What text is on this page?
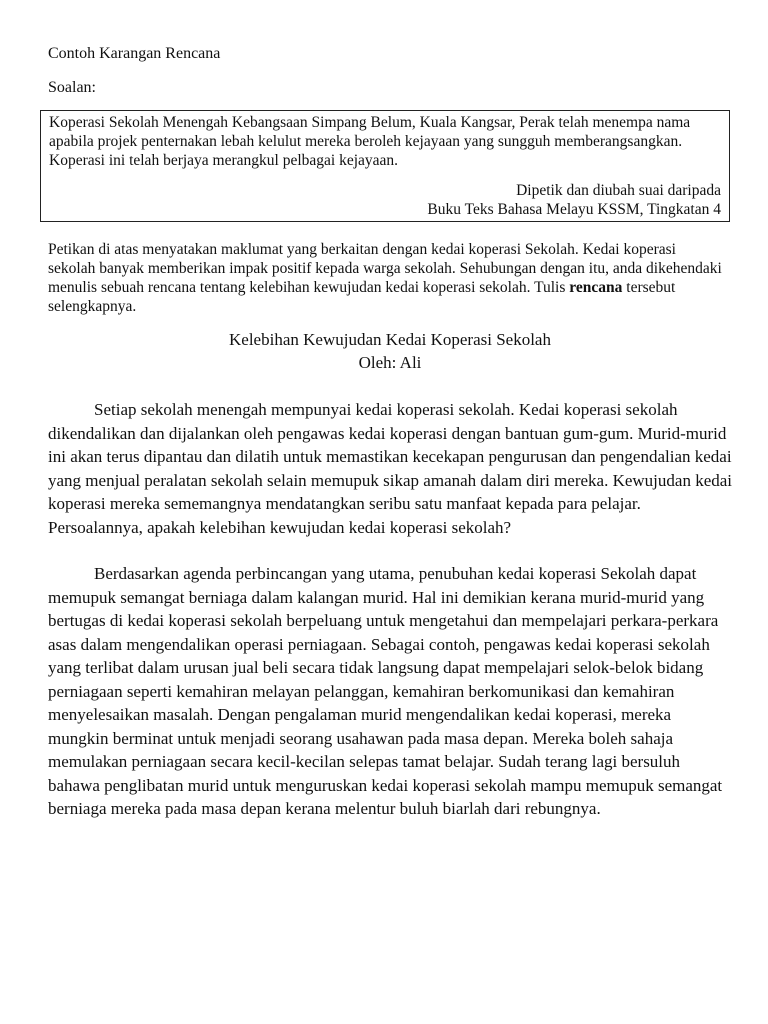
Contoh Karangan Rencana

Soalan:

Koperasi Sekolah Menengah Kebangsaan Simpang Belum, Kuala Kangsar, Perak telah menempa nama apabila projek penternakan lebah kelulut mereka beroleh kejayaan yang sungguh memberangsangkan. Koperasi ini telah berjaya merangkul pelbagai kejayaan.

Dipetik dan diubah suai daripada

Buku Teks Bahasa Melayu KSSM, Tingkatan 4

Petikan di atas menyatakan maklumat yang berkaitan dengan kedai koperasi Sekolah. Kedai koperasi sekolah banyak memberikan impak positif kepada warga sekolah. Sehubungan dengan itu, anda dikehendaki menulis sebuah rencana tentang kelebihan kewujudan kedai koperasi sekolah. Tulis rencana tersebut selengkapnya.

Kelebihan Kewujudan Kedai Koperasi Sekolah

Oleh: Ali

Setiap sekolah menengah mempunyai kedai koperasi sekolah. Kedai koperasi sekolah dikendalikan dan dijalankan oleh pengawas kedai koperasi dengan bantuan gum-gum. Murid-murid ini akan terus dipantau dan dilatih untuk memastikan kecekapan pengurusan dan pengendalian kedai yang menjual peralatan sekolah selain memupuk sikap amanah dalam diri mereka. Kewujudan kedai koperasi mereka sememangnya mendatangkan seribu satu manfaat kepada para pelajar. Persoalannya, apakah kelebihan kewujudan kedai koperasi sekolah?

Berdasarkan agenda perbincangan yang utama, penubuhan kedai koperasi Sekolah dapat memupuk semangat berniaga dalam kalangan murid. Hal ini demikian kerana murid-murid yang bertugas di kedai koperasi sekolah berpeluang untuk mengetahui dan mempelajari perkara-perkara asas dalam mengendalikan operasi perniagaan. Sebagai contoh, pengawas kedai koperasi sekolah yang terlibat dalam urusan jual beli secara tidak langsung dapat mempelajari selok-belok bidang perniagaan seperti kemahiran melayan pelanggan, kemahiran berkomunikasi dan kemahiran menyelesaikan masalah. Dengan pengalaman murid mengendalikan kedai koperasi, mereka mungkin berminat untuk menjadi seorang usahawan pada masa depan. Mereka boleh sahaja memulakan perniagaan secara kecil-kecilan selepas tamat belajar. Sudah terang lagi bersuluh bahawa penglibatan murid untuk menguruskan kedai koperasi sekolah mampu memupuk semangat berniaga mereka pada masa depan kerana melentur buluh biarlah dari rebungnya.
